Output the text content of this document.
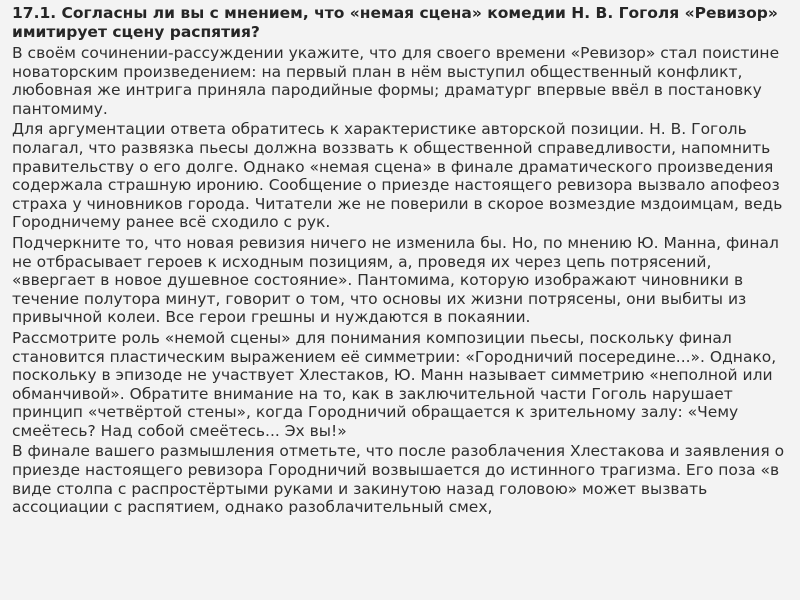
17.1. Согласны ли вы с мнением, что «немая сцена» комедии Н. В. Гоголя «Ревизор» имитирует сцену распятия?

В своём сочинении-рассуждении укажите, что для своего времени «Ревизор» стал поистине новаторским произведением: на первый план в нём выступил общественный конфликт, любовная же интрига приняла пародийные формы; драматург впервые ввёл в постановку пантомиму.

Для аргументации ответа обратитесь к характеристике авторской позиции. Н. В. Гоголь полагал, что развязка пьесы должна воззвать к общественной справедливости, напомнить правительству о его долге. Однако «немая сцена» в финале драматического произведения содержала страшную иронию. Сообщение о приезде настоящего ревизора вызвало апофеоз страха у чиновников города. Читатели же не поверили в скорое возмездие мздоимцам, ведь Городничему ранее всё сходило с рук.

Подчеркните то, что новая ревизия ничего не изменила бы. Но, по мнению Ю. Манна, финал не отбрасывает героев к исходным позициям, а, проведя их через цепь потрясений, «ввергает в новое душевное состояние». Пантомима, которую изображают чиновники в течение полутора минут, говорит о том, что основы их жизни потрясены, они выбиты из привычной колеи. Все герои грешны и нуждаются в покаянии.

Рассмотрите роль «немой сцены» для понимания композиции пьесы, поскольку финал становится пластическим выражением её симметрии: «Городничий посередине...». Однако, поскольку в эпизоде не участвует Хлестаков, Ю. Манн называет симметрию «неполной или обманчивой». Обратите внимание на то, как в заключительной части Гоголь нарушает принцип «четвёртой стены», когда Городничий обращается к зрительному залу: «Чему смеётесь? Над собой смеётесь... Эх вы!»

В финале вашего размышления отметьте, что после разоблачения Хлестакова и заявления о приезде настоящего ревизора Городничий возвышается до истинного трагизма. Его поза «в виде столпа с распростёртыми руками и закинутою назад головою» может вызвать ассоциации с распятием, однако разоблачительный смех,
